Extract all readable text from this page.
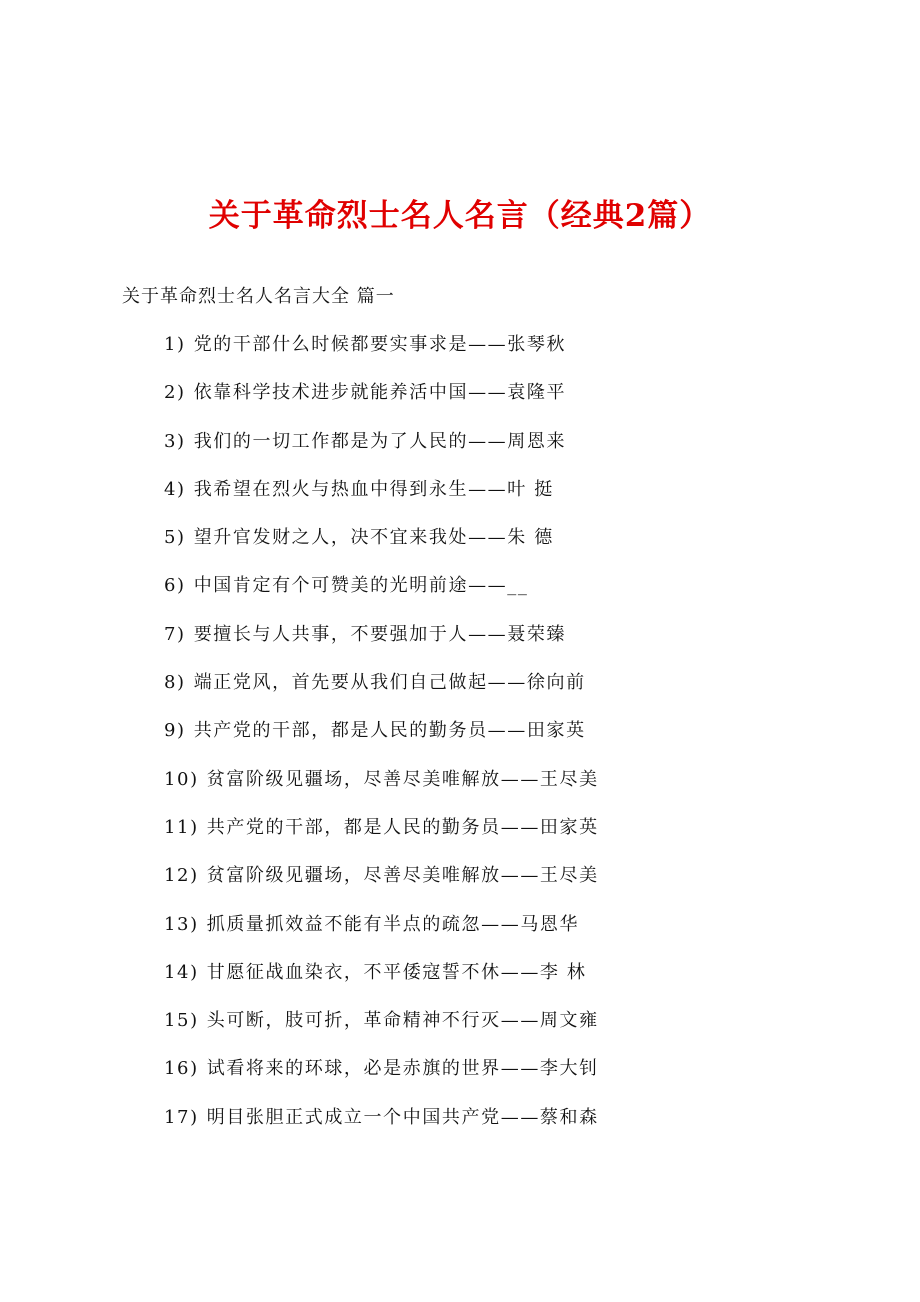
关于革命烈士名人名言（经典2篇）
关于革命烈士名人名言大全 篇一
1) 党的干部什么时候都要实事求是——张琴秋
2) 依靠科学技术进步就能养活中国——袁隆平
3) 我们的一切工作都是为了人民的——周恩来
4) 我希望在烈火与热血中得到永生——叶 挺
5) 望升官发财之人，决不宜来我处——朱 德
6) 中国肯定有个可赞美的光明前途——__
7) 要擅长与人共事，不要强加于人——聂荣臻
8) 端正党风，首先要从我们自己做起——徐向前
9) 共产党的干部，都是人民的勤务员——田家英
10) 贫富阶级见疆场，尽善尽美唯解放——王尽美
11) 共产党的干部，都是人民的勤务员——田家英
12) 贫富阶级见疆场，尽善尽美唯解放——王尽美
13) 抓质量抓效益不能有半点的疏忽——马恩华
14) 甘愿征战血染衣，不平倭寇誓不休——李 林
15) 头可断，肢可折，革命精神不行灭——周文雍
16) 试看将来的环球，必是赤旗的世界——李大钊
17) 明目张胆正式成立一个中国共产党——蔡和森
